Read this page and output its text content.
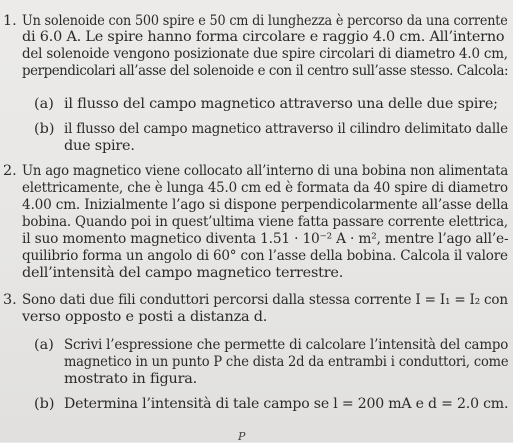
1. Un solenoide con 500 spire e 50 cm di lunghezza è percorso da una corrente
di 6.0 A. Le spire hanno forma circolare e raggio 4.0 cm. All’interno
del solenoide vengono posizionate due spire circolari di diametro 4.0 cm,
perpendicolari all’asse del solenoide e con il centro sull’asse stesso. Calcola:
(a) il flusso del campo magnetico attraverso una delle due spire;
(b) il flusso del campo magnetico attraverso il cilindro delimitato dalle
due spire.
2. Un ago magnetico viene collocato all’interno di una bobina non alimentata
elettricamente, che è lunga 45.0 cm ed è formata da 40 spire di diametro
4.00 cm. Inizialmente l’ago si dispone perpendicolarmente all’asse della
bobina. Quando poi in quest’ultima viene fatta passare corrente elettrica,
il suo momento magnetico diventa 1.51 · 10⁻² A · m², mentre l’ago all’e-
quilibrio forma un angolo di 60° con l’asse della bobina. Calcola il valore
dell’intensità del campo magnetico terrestre.
3. Sono dati due fili conduttori percorsi dalla stessa corrente I = I₁ = I₂ con
verso opposto e posti a distanza d.
(a) Scrivi l’espressione che permette di calcolare l’intensità del campo
magnetico in un punto P che dista 2d da entrambi i conduttori, come
mostrato in figura.
(b) Determina l’intensità di tale campo se l = 200 mA e d = 2.0 cm.
P
